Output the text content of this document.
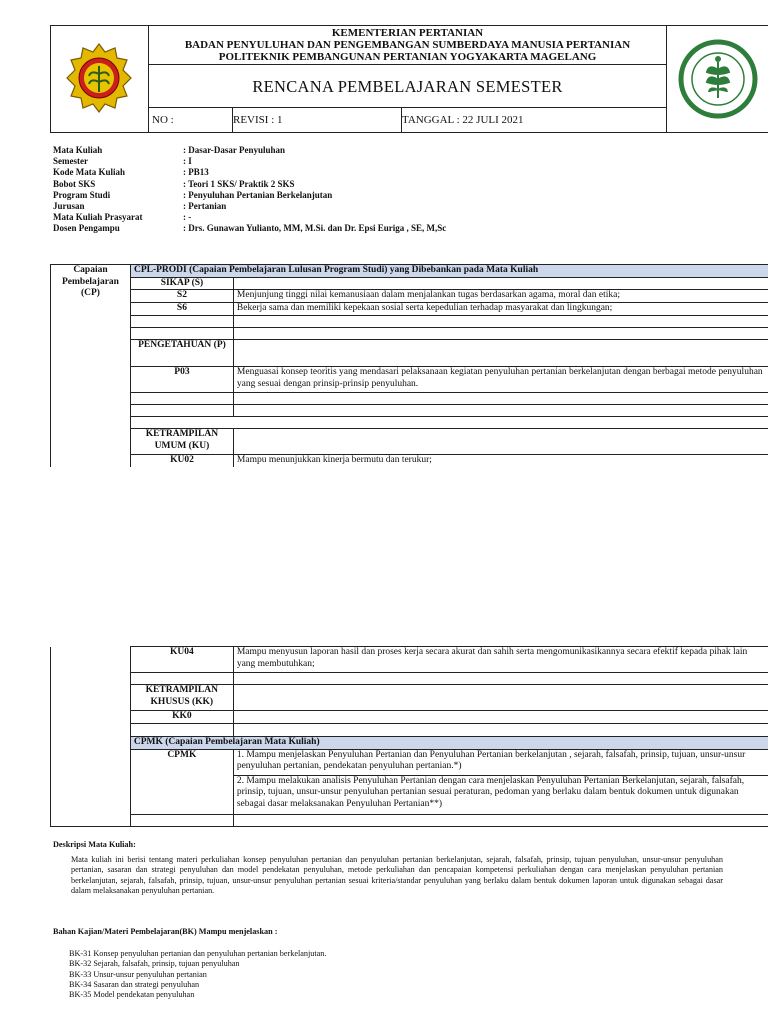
KEMENTERIAN PERTANIAN
BADAN PENYULUHAN DAN PENGEMBANGAN SUMBERDAYA MANUSIA PERTANIAN
POLITEKNIK PEMBANGUNAN PERTANIAN YOGYAKARTA MAGELANG
RENCANA PEMBELAJARAN SEMESTER
NO :	REVISI : 1	TANGGAL : 22 JULI 2021
Mata Kuliah	: Dasar-Dasar Penyuluhan
Semester	: I
Kode Mata Kuliah	: PB13
Bobot SKS	: Teori 1 SKS/ Praktik 2 SKS
Program Studi	: Penyuluhan Pertanian Berkelanjutan
Jurusan	: Pertanian
Mata Kuliah Prasyarat	: -
Dosen Pengampu	: Drs. Gunawan Yulianto, MM, M.Si. dan Dr. Epsi Euriga , SE, M,Sc
Capaian Pembelajaran (CP)	CPL-PRODI (Capaian Pembelajaran Lulusan Program Studi) yang Dibebankan pada Mata Kuliah	
	SIKAP (S)	
	S2	Menjunjung tinggi nilai kemanusiaan dalam menjalankan tugas berdasarkan agama, moral dan etika;
	S6	Bekerja sama dan memiliki kepekaan sosial serta kepedulian terhadap masyarakat dan lingkungan;

	PENGETAHUAN (P)	
	P03	Menguasai konsep teoritis yang mendasari pelaksanaan kegiatan penyuluhan pertanian berkelanjutan dengan berbagai metode penyuluhan yang sesuai dengan prinsip-prinsip penyuluhan.

	KETRAMPILAN UMUM (KU)	
	KU02	Mampu menunjukkan kinerja bermutu dan terukur;
	KU04	Mampu menyusun laporan hasil dan proses kerja secara akurat dan sahih serta mengomunikasikannya secara efektif kepada pihak lain yang membutuhkan;

	KETRAMPILAN KHUSUS (KK)	
	KK0	

	CPMK (Capaian Pembelajaran Mata Kuliah)	
	CPMK	1. Mampu menjelaskan Penyuluhan Pertanian dan Penyuluhan Pertanian berkelanjutan , sejarah, falsafah, prinsip, tujuan, unsur-unsur penyuluhan pertanian, pendekatan penyuluhan pertanian.*)
		2. Mampu melakukan analisis Penyuluhan Pertanian dengan cara menjelaskan Penyuluhan Pertanian Berkelanjutan, sejarah, falsafah, prinsip, tujuan, unsur-unsur penyuluhan pertanian sesuai peraturan, pedoman yang berlaku dalam bentuk dokumen untuk digunakan sebagai dasar melaksanakan Penyuluhan Pertanian**)

Deskripsi Mata Kuliah:

Mata kuliah ini berisi tentang materi perkuliahan konsep penyuluhan pertanian dan penyuluhan pertanian berkelanjutan, sejarah, falsafah, prinsip, tujuan penyuluhan, unsur-unsur penyuluhan pertanian, sasaran dan strategi penyuluhan dan model pendekatan penyuluhan, metode perkuliahan dan pencapaian kompetensi perkuliahan dengan cara menjelaskan penyuluhan pertanian berkelanjutan, sejarah, falsafah, prinsip, tujuan, unsur-unsur penyuluhan pertanian sesuai kriteria/standar penyuluhan yang berlaku dalam bentuk dokumen laporan untuk digunakan sebagai dasar dalam melaksanakan penyuluhan pertanian.

Bahan Kajian/Materi Pembelajaran(BK) Mampu menjelaskan :
BK-31 Konsep penyuluhan pertanian dan penyuluhan pertanian berkelanjutan.
BK-32 Sejarah, falsafah, prinsip, tujuan penyuluhan
BK-33 Unsur-unsur penyuluhan pertanian
BK-34 Sasaran dan strategi penyuluhan
BK-35 Model pendekatan penyuluhan
